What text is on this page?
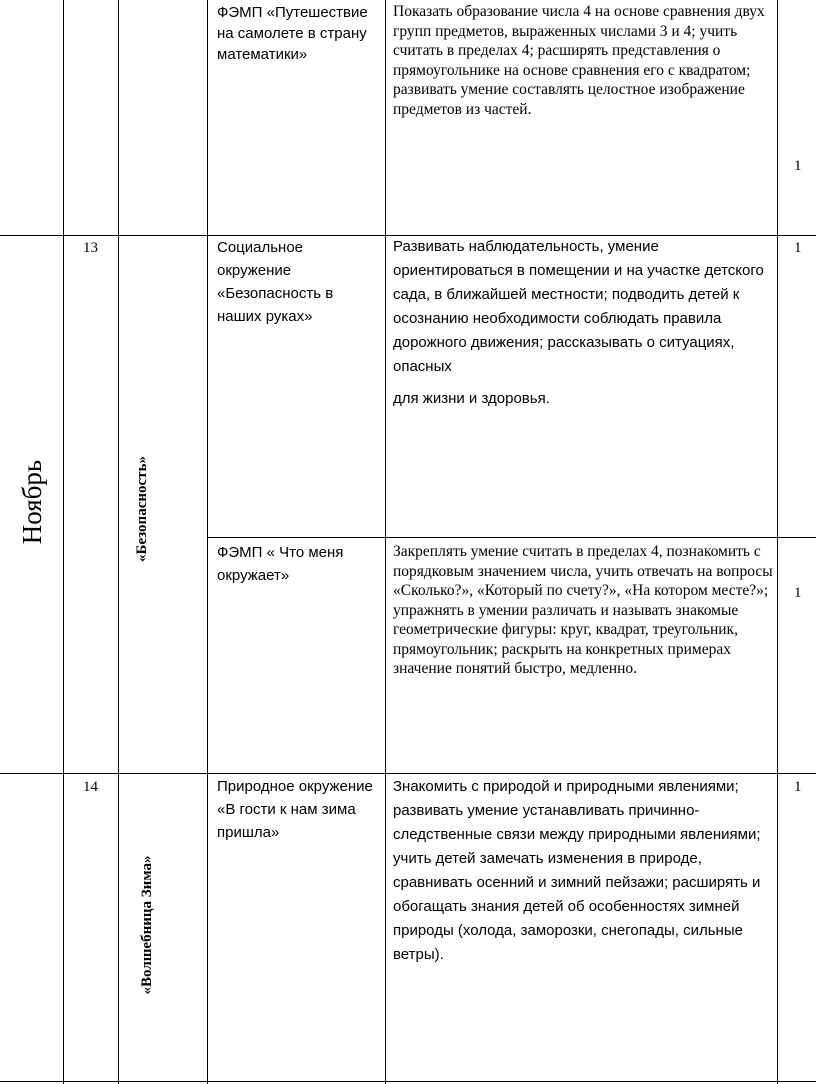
ФЭМП «Путешествие на самолете в страну математики»
Показать образование числа 4 на основе сравнения двух групп предметов, выраженных числами 3 и 4; учить считать в пределах 4; расширять представления о прямоугольнике на основе сравнения его с квадратом; развивать умение составлять целостное изображение предметов из частей.
1
Ноябрь
13
«Безопасность»
Социальное окружение «Безопасность в наших руках»
Развивать наблюдательность, умение ориентироваться в помещении и на участке детского сада, в ближайшей местности; подводить детей к осознанию необходимости соблюдать правила дорожного движения; рассказывать о ситуациях, опасных
для жизни и здоровья.
1
ФЭМП « Что меня окружает»
Закреплять умение считать в пределах 4, познакомить с порядковым значением числа, учить отвечать на вопросы «Сколько?», «Который по счету?», «На котором месте?»; упражнять в умении различать и называть знакомые геометрические фигуры: круг, квадрат, треугольник, прямоугольник; раскрыть на конкретных примерах значение понятий быстро, медленно.
1
14
«Волшебница Зима»
Природное окружение «В гости к нам зима пришла»
Знакомить с природой и природными явлениями; развивать умение устанавливать причинно- следственные связи между природными явлениями; учить детей замечать изменения в природе, сравнивать осенний и зимний пейзажи; расширять и обогащать знания детей об особенностях зимней природы (холода, заморозки, снегопады, сильные ветры).
1
